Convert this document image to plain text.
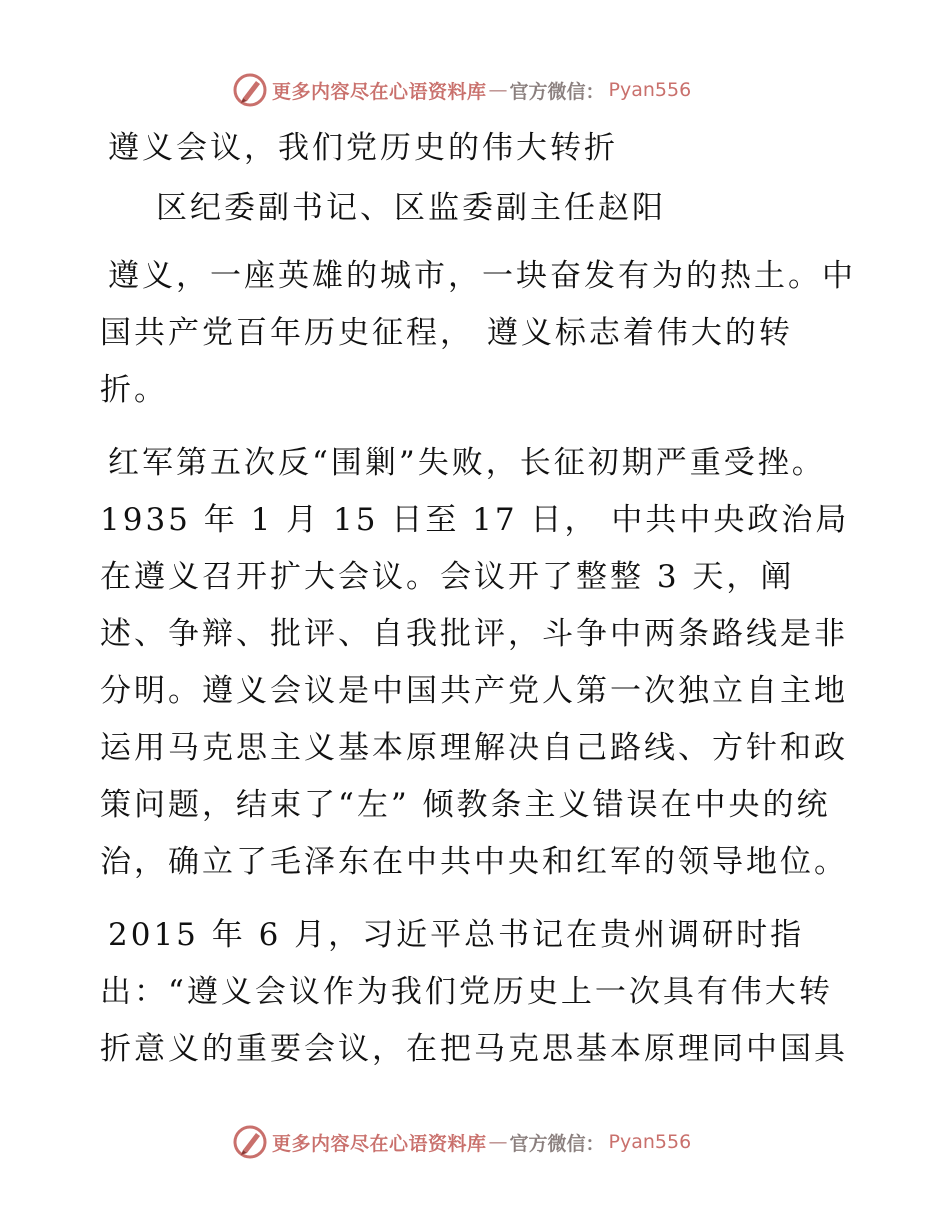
更多内容尽在心语资料库 — 官方微信： Pyan556
遵义会议，我们党历史的伟大转折
区纪委副书记、区监委副主任赵阳

遵义，一座英雄的城市，一块奋发有为的热土。中国共产党百年历史征程， 遵义标志着伟大的转折。

红军第五次反“围剿”失败，长征初期严重受挫。1935 年 1 月 15 日至 17 日， 中共中央政治局在遵义召开扩大会议。会议开了整整 3 天，阐述、争辩、批评、自我批评，斗争中两条路线是非分明。遵义会议是中国共产党人第一次独立自主地运用马克思主义基本原理解决自己路线、方针和政策问题，结束了“左” 倾教条主义错误在中央的统治，确立了毛泽东在中共中央和红军的领导地位。

2015 年 6 月，习近平总书记在贵州调研时指出：“遵义会议作为我们党历史上一次具有伟大转折意义的重要会议，在把马克思基本原理同中国具

更多内容尽在心语资料库 — 官方微信： Pyan556
